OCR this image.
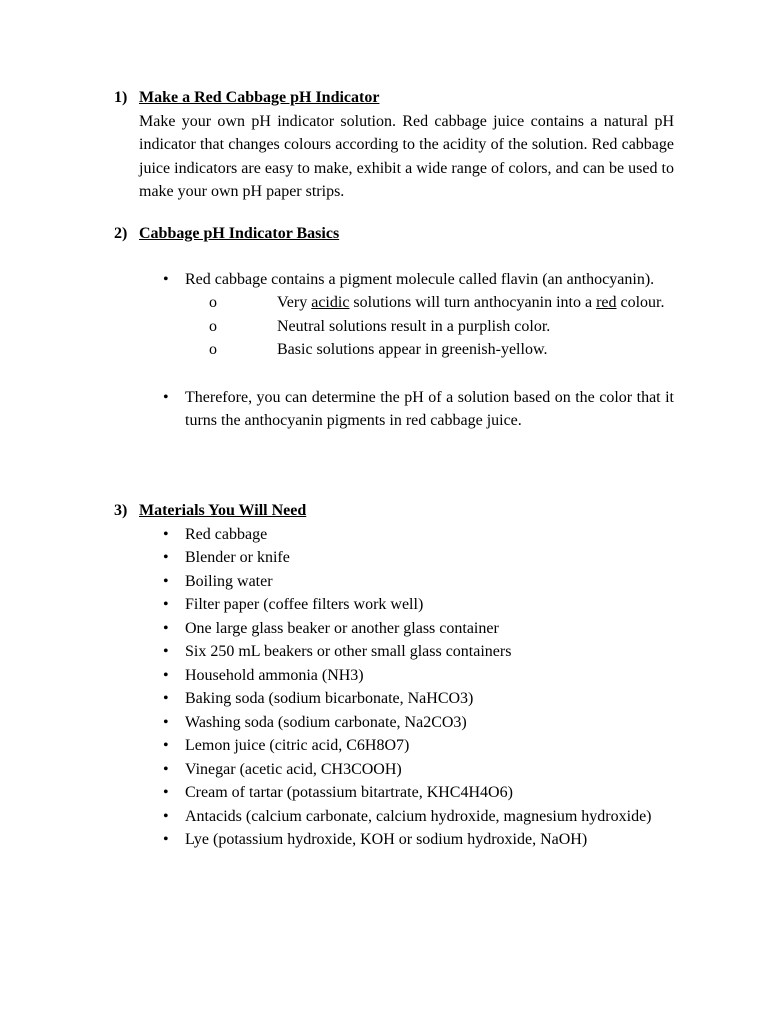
1) Make a Red Cabbage pH Indicator
Make your own pH indicator solution. Red cabbage juice contains a natural pH indicator that changes colours according to the acidity of the solution. Red cabbage juice indicators are easy to make, exhibit a wide range of colors, and can be used to make your own pH paper strips.
2) Cabbage pH Indicator Basics
• Red cabbage contains a pigment molecule called flavin (an anthocyanin).
o	Very acidic solutions will turn anthocyanin into a red colour.
o	Neutral solutions result in a purplish color.
o	Basic solutions appear in greenish-yellow.
• Therefore, you can determine the pH of a solution based on the color that it turns the anthocyanin pigments in red cabbage juice.
3) Materials You Will Need
• Red cabbage
• Blender or knife
• Boiling water
• Filter paper (coffee filters work well)
• One large glass beaker or another glass container
• Six 250 mL beakers or other small glass containers
• Household ammonia (NH3)
• Baking soda (sodium bicarbonate, NaHCO3)
• Washing soda (sodium carbonate, Na2CO3)
• Lemon juice (citric acid, C6H8O7)
• Vinegar (acetic acid, CH3COOH)
• Cream of tartar (potassium bitartrate, KHC4H4O6)
• Antacids (calcium carbonate, calcium hydroxide, magnesium hydroxide)
• Lye (potassium hydroxide, KOH or sodium hydroxide, NaOH)
